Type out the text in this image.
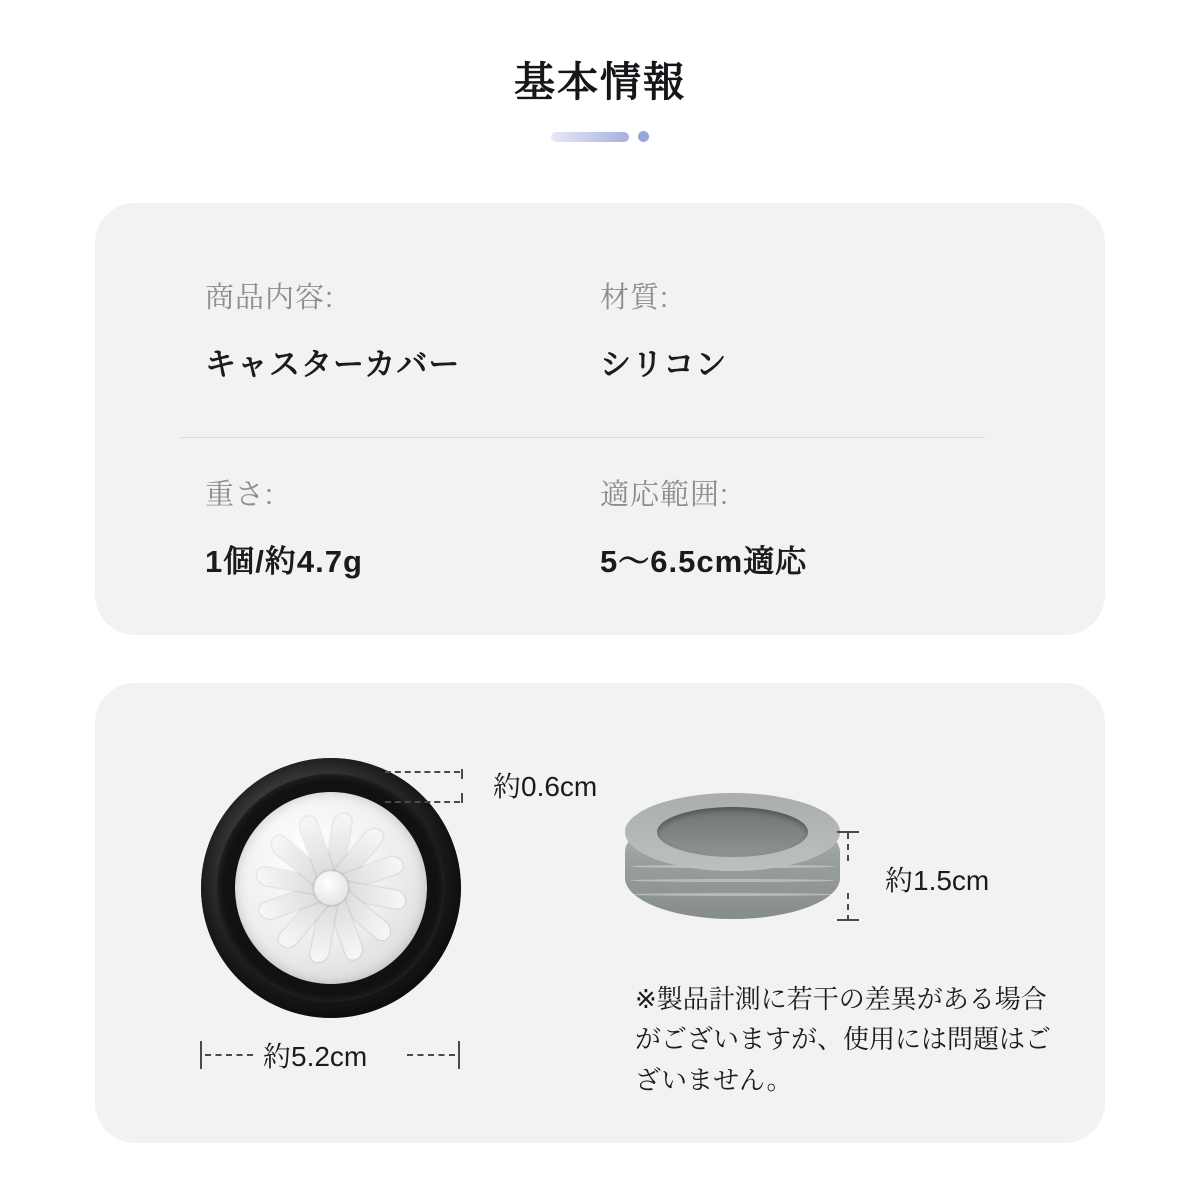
基本情報
商品内容:
キャスターカバー
材質:
シリコン
重さ:
1個/約4.7g
適応範囲:
5〜6.5cm適応
約0.6cm
約5.2cm
約1.5cm
※製品計測に若干の差異がある場合がございますが、使用には問題はございません。
